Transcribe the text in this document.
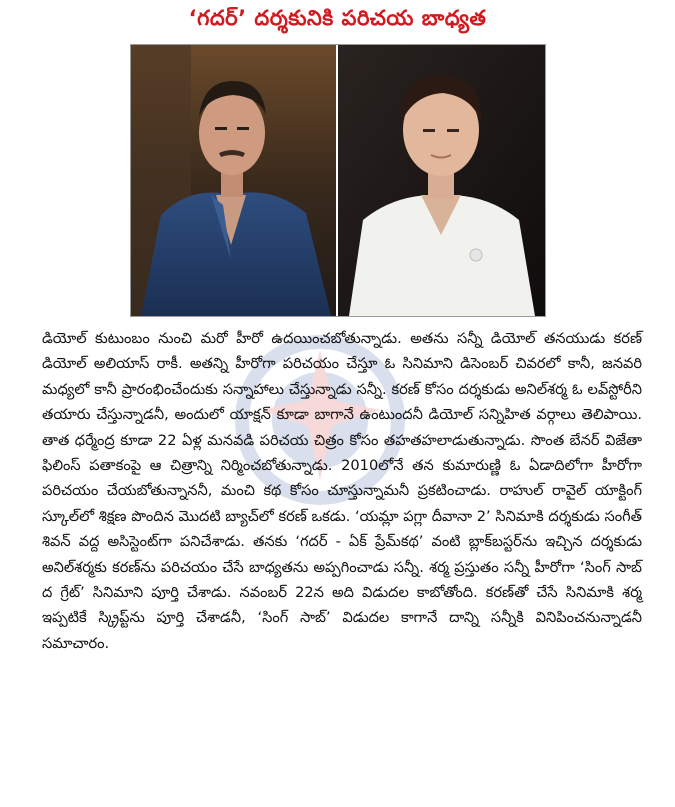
‘గదర్’ దర్శకునికి పరిచయ బాధ్యత

డియోల్ కుటుంబం నుంచి మరో హీరో ఉదయించబోతున్నాడు. అతను సన్నీ డియోల్ తనయుడు కరణ్ డియోల్ అలియాస్ రాకీ. అతన్ని హీరోగా పరిచయం చేస్తూ ఓ సినిమాని డిసెంబర్ చివరలో కానీ, జనవరి మధ్యలో కానీ ప్రారంభించేందుకు సన్నాహాలు చేస్తున్నాడు సన్నీ. కరణ్ కోసం దర్శకుడు అనిల్‌శర్మ ఓ లవ్‌స్టోరీని తయారు చేస్తున్నాడనీ, అందులో యాక్షన్ కూడా బాగానే ఉంటుందనీ డియోల్ సన్నిహిత వర్గాలు తెలిపాయి. తాత ధర్మేంద్ర కూడా 22 ఏళ్ల మనవడి పరిచయ చిత్రం కోసం తహతహలాడుతున్నాడు. సొంత బేనర్ విజేతా ఫిలింస్ పతాకంపై ఆ చిత్రాన్ని నిర్మించబోతున్నాడు. 2010లోనే తన కుమారుణ్ణి ఓ ఏడాదిలోగా హీరోగా పరిచయం చేయబోతున్నాననీ, మంచి కథ కోసం చూస్తున్నామనీ ప్రకటించాడు. రాహుల్ రావైల్ యాక్టింగ్ స్కూల్‌లో శిక్షణ పొందిన మొదటి బ్యాచ్‌లో కరణ్ ఒకడు. ‘యమ్లా పగ్లా దీవానా 2’ సినిమాకి దర్శకుడు సంగీత్ శివన్ వద్ద అసిస్టెంట్‌గా పనిచేశాడు. తనకు ‘గదర్ - ఏక్ ప్రేమ్‌కథ’ వంటి బ్లాక్‌బస్టర్‌ను ఇచ్చిన దర్శకుడు అనిల్‌శర్మకు కరణ్‌ను పరిచయం చేసే బాధ్యతను అప్పగించాడు సన్నీ. శర్మ ప్రస్తుతం సన్నీ హీరోగా ‘సింగ్ సాబ్ ద గ్రేట్’ సినిమాని పూర్తి చేశాడు. నవంబర్ 22న అది విడుదల కాబోతోంది. కరణ్‌తో చేసే సినిమాకి శర్మ ఇప్పటికే స్క్రిప్ట్‌ను పూర్తి చేశాడనీ, ‘సింగ్ సాబ్’ విడుదల కాగానే దాన్ని సన్నీకి వినిపించనున్నాడనీ సమాచారం.
